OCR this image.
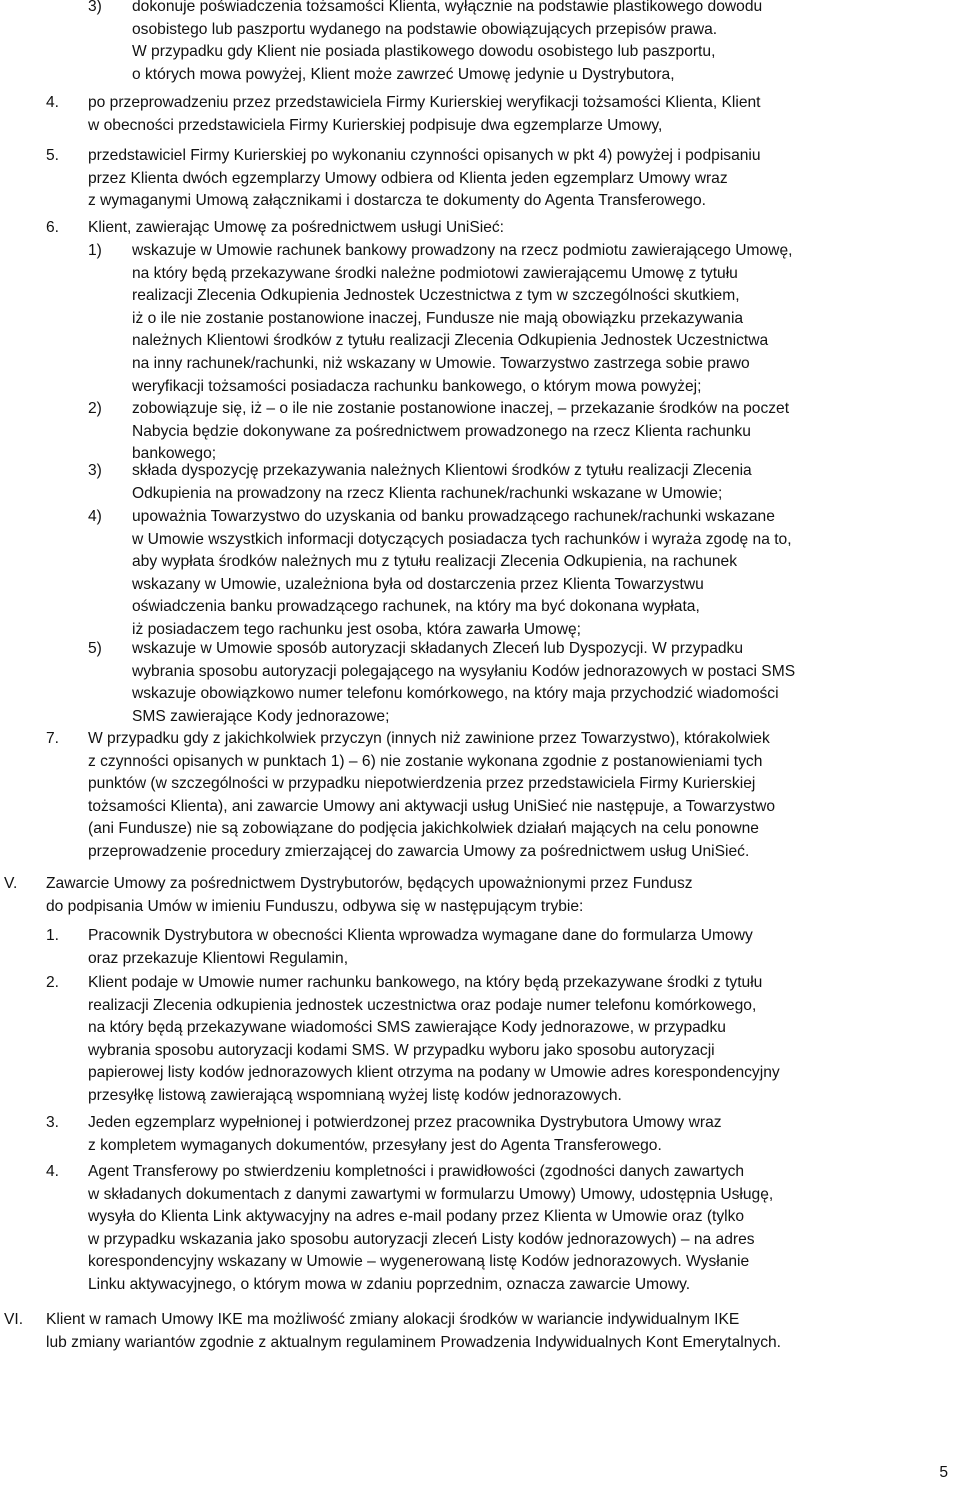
3) dokonuje poświadczenia tożsamości Klienta, wyłącznie na podstawie plastikowego dowodu
osobistego lub paszportu wydanego na podstawie obowiązujących przepisów prawa.
W przypadku gdy Klient nie posiada plastikowego dowodu osobistego lub paszportu,
o których mowa powyżej, Klient może zawrzeć Umowę jedynie u Dystrybutora,
4. po przeprowadzeniu przez przedstawiciela Firmy Kurierskiej weryfikacji tożsamości Klienta, Klient
w obecności przedstawiciela Firmy Kurierskiej podpisuje dwa egzemplarze Umowy,
5. przedstawiciel Firmy Kurierskiej po wykonaniu czynności opisanych w pkt 4) powyżej i podpisaniu
przez Klienta dwóch egzemplarzy Umowy odbiera od Klienta jeden egzemplarz Umowy wraz
z wymaganymi Umową załącznikami i dostarcza te dokumenty do Agenta Transferowego.
6. Klient, zawierając Umowę za pośrednictwem usługi UniSieć:
1) wskazuje w Umowie rachunek bankowy prowadzony na rzecz podmiotu zawierającego Umowę,
na który będą przekazywane środki należne podmiotowi zawierającemu Umowę z tytułu
realizacji Zlecenia Odkupienia Jednostek Uczestnictwa z tym w szczególności skutkiem,
iż o ile nie zostanie postanowione inaczej, Fundusze nie mają obowiązku przekazywania
należnych Klientowi środków z tytułu realizacji Zlecenia Odkupienia Jednostek Uczestnictwa
na inny rachunek/rachunki, niż wskazany w Umowie. Towarzystwo zastrzega sobie prawo
weryfikacji tożsamości posiadacza rachunku bankowego, o którym mowa powyżej;
2) zobowiązuje się, iż – o ile nie zostanie postanowione inaczej, – przekazanie środków na poczet
Nabycia będzie dokonywane za pośrednictwem prowadzonego na rzecz Klienta rachunku
bankowego;
3) składa dyspozycję przekazywania należnych Klientowi środków z tytułu realizacji Zlecenia
Odkupienia na prowadzony na rzecz Klienta rachunek/rachunki wskazane w Umowie;
4) upoważnia Towarzystwo do uzyskania od banku prowadzącego rachunek/rachunki wskazane
w Umowie wszystkich informacji dotyczących posiadacza tych rachunków i wyraża zgodę na to,
aby wypłata środków należnych mu z tytułu realizacji Zlecenia Odkupienia, na rachunek
wskazany w Umowie, uzależniona była od dostarczenia przez Klienta Towarzystwu
oświadczenia banku prowadzącego rachunek, na który ma być dokonana wypłata,
iż posiadaczem tego rachunku jest osoba, która zawarła Umowę;
5) wskazuje w Umowie sposób autoryzacji składanych Zleceń lub Dyspozycji. W przypadku
wybrania sposobu autoryzacji polegającego na wysyłaniu Kodów jednorazowych w postaci SMS
wskazuje obowiązkowo numer telefonu komórkowego, na który maja przychodzić wiadomości
SMS zawierające Kody jednorazowe;
7. W przypadku gdy z jakichkolwiek przyczyn (innych niż zawinione przez Towarzystwo), którakolwiek
z czynności opisanych w punktach 1) – 6) nie zostanie wykonana zgodnie z postanowieniami tych
punktów (w szczególności w przypadku niepotwierdzenia przez przedstawiciela Firmy Kurierskiej
tożsamości Klienta), ani zawarcie Umowy ani aktywacji usług UniSieć nie następuje, a Towarzystwo
(ani Fundusze) nie są zobowiązane do podjęcia jakichkolwiek działań mających na celu ponowne
przeprowadzenie procedury zmierzającej do zawarcia Umowy za pośrednictwem usług UniSieć.
V. Zawarcie Umowy za pośrednictwem Dystrybutorów, będących upoważnionymi przez Fundusz
do podpisania Umów w imieniu Funduszu, odbywa się w następującym trybie:
1. Pracownik Dystrybutora w obecności Klienta wprowadza wymagane dane do formularza Umowy
oraz przekazuje Klientowi Regulamin,
2. Klient podaje w Umowie numer rachunku bankowego, na który będą przekazywane środki z tytułu
realizacji Zlecenia odkupienia jednostek uczestnictwa oraz podaje numer telefonu komórkowego,
na który będą przekazywane wiadomości SMS zawierające Kody jednorazowe, w przypadku
wybrania sposobu autoryzacji kodami SMS. W przypadku wyboru jako sposobu autoryzacji
papierowej listy kodów jednorazowych klient otrzyma na podany w Umowie adres korespondencyjny
przesyłkę listową zawierającą wspomnianą wyżej listę kodów jednorazowych.
3. Jeden egzemplarz wypełnionej i potwierdzonej przez pracownika Dystrybutora Umowy wraz
z kompletem wymaganych dokumentów, przesyłany jest do Agenta Transferowego.
4. Agent Transferowy po stwierdzeniu kompletności i prawidłowości (zgodności danych zawartych
w składanych dokumentach z danymi zawartymi w formularzu Umowy) Umowy, udostępnia Usługę,
wysyła do Klienta Link aktywacyjny na adres e-mail podany przez Klienta w Umowie oraz (tylko
w przypadku wskazania jako sposobu autoryzacji zleceń Listy kodów jednorazowych) – na adres
korespondencyjny wskazany w Umowie – wygenerowaną listę Kodów jednorazowych. Wysłanie
Linku aktywacyjnego, o którym mowa w zdaniu poprzednim, oznacza zawarcie Umowy.
VI. Klient w ramach Umowy IKE ma możliwość zmiany alokacji środków w wariancie indywidualnym IKE
lub zmiany wariantów zgodnie z aktualnym regulaminem Prowadzenia Indywidualnych Kont Emerytalnych.
5
